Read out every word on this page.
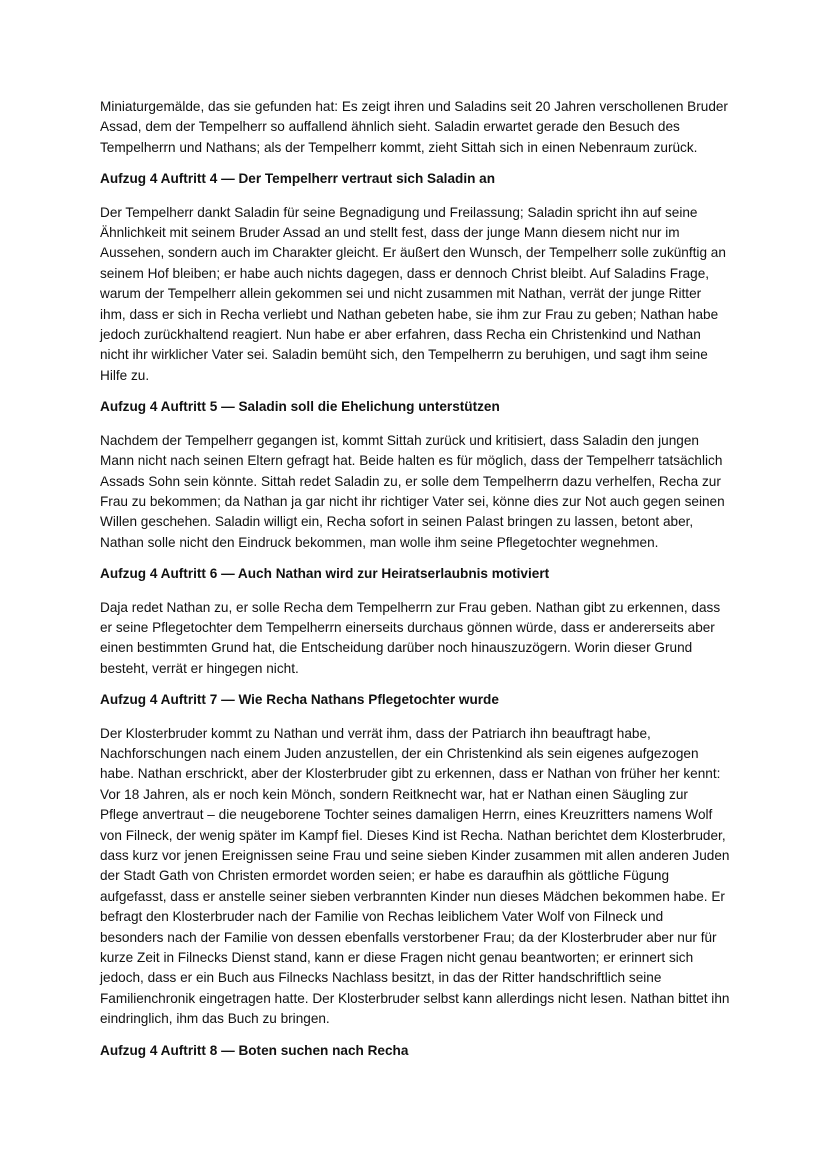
Miniaturgemälde, das sie gefunden hat: Es zeigt ihren und Saladins seit 20 Jahren verschollenen Bruder Assad, dem der Tempelherr so auffallend ähnlich sieht. Saladin erwartet gerade den Besuch des Tempelherrn und Nathans; als der Tempelherr kommt, zieht Sittah sich in einen Nebenraum zurück.

Aufzug 4 Auftritt 4 — Der Tempelherr vertraut sich Saladin an

Der Tempelherr dankt Saladin für seine Begnadigung und Freilassung; Saladin spricht ihn auf seine Ähnlichkeit mit seinem Bruder Assad an und stellt fest, dass der junge Mann diesem nicht nur im Aussehen, sondern auch im Charakter gleicht. Er äußert den Wunsch, der Tempelherr solle zukünftig an seinem Hof bleiben; er habe auch nichts dagegen, dass er dennoch Christ bleibt. Auf Saladins Frage, warum der Tempelherr allein gekommen sei und nicht zusammen mit Nathan, verrät der junge Ritter ihm, dass er sich in Recha verliebt und Nathan gebeten habe, sie ihm zur Frau zu geben; Nathan habe jedoch zurückhaltend reagiert. Nun habe er aber erfahren, dass Recha ein Christenkind und Nathan nicht ihr wirklicher Vater sei. Saladin bemüht sich, den Tempelherrn zu beruhigen, und sagt ihm seine Hilfe zu.

Aufzug 4 Auftritt 5 — Saladin soll die Ehelichung unterstützen

Nachdem der Tempelherr gegangen ist, kommt Sittah zurück und kritisiert, dass Saladin den jungen Mann nicht nach seinen Eltern gefragt hat. Beide halten es für möglich, dass der Tempelherr tatsächlich Assads Sohn sein könnte. Sittah redet Saladin zu, er solle dem Tempelherrn dazu verhelfen, Recha zur Frau zu bekommen; da Nathan ja gar nicht ihr richtiger Vater sei, könne dies zur Not auch gegen seinen Willen geschehen. Saladin willigt ein, Recha sofort in seinen Palast bringen zu lassen, betont aber, Nathan solle nicht den Eindruck bekommen, man wolle ihm seine Pflegetochter wegnehmen.

Aufzug 4 Auftritt 6 — Auch Nathan wird zur Heiratserlaubnis motiviert

Daja redet Nathan zu, er solle Recha dem Tempelherrn zur Frau geben. Nathan gibt zu erkennen, dass er seine Pflegetochter dem Tempelherrn einerseits durchaus gönnen würde, dass er andererseits aber einen bestimmten Grund hat, die Entscheidung darüber noch hinauszuzögern. Worin dieser Grund besteht, verrät er hingegen nicht.

Aufzug 4 Auftritt 7 — Wie Recha Nathans Pflegetochter wurde

Der Klosterbruder kommt zu Nathan und verrät ihm, dass der Patriarch ihn beauftragt habe, Nachforschungen nach einem Juden anzustellen, der ein Christenkind als sein eigenes aufgezogen habe. Nathan erschrickt, aber der Klosterbruder gibt zu erkennen, dass er Nathan von früher her kennt: Vor 18 Jahren, als er noch kein Mönch, sondern Reitknecht war, hat er Nathan einen Säugling zur Pflege anvertraut – die neugeborene Tochter seines damaligen Herrn, eines Kreuzritters namens Wolf von Filneck, der wenig später im Kampf fiel. Dieses Kind ist Recha. Nathan berichtet dem Klosterbruder, dass kurz vor jenen Ereignissen seine Frau und seine sieben Kinder zusammen mit allen anderen Juden der Stadt Gath von Christen ermordet worden seien; er habe es daraufhin als göttliche Fügung aufgefasst, dass er anstelle seiner sieben verbrannten Kinder nun dieses Mädchen bekommen habe. Er befragt den Klosterbruder nach der Familie von Rechas leiblichem Vater Wolf von Filneck und besonders nach der Familie von dessen ebenfalls verstorbener Frau; da der Klosterbruder aber nur für kurze Zeit in Filnecks Dienst stand, kann er diese Fragen nicht genau beantworten; er erinnert sich jedoch, dass er ein Buch aus Filnecks Nachlass besitzt, in das der Ritter handschriftlich seine Familienchronik eingetragen hatte. Der Klosterbruder selbst kann allerdings nicht lesen. Nathan bittet ihn eindringlich, ihm das Buch zu bringen.

Aufzug 4 Auftritt 8 — Boten suchen nach Recha
